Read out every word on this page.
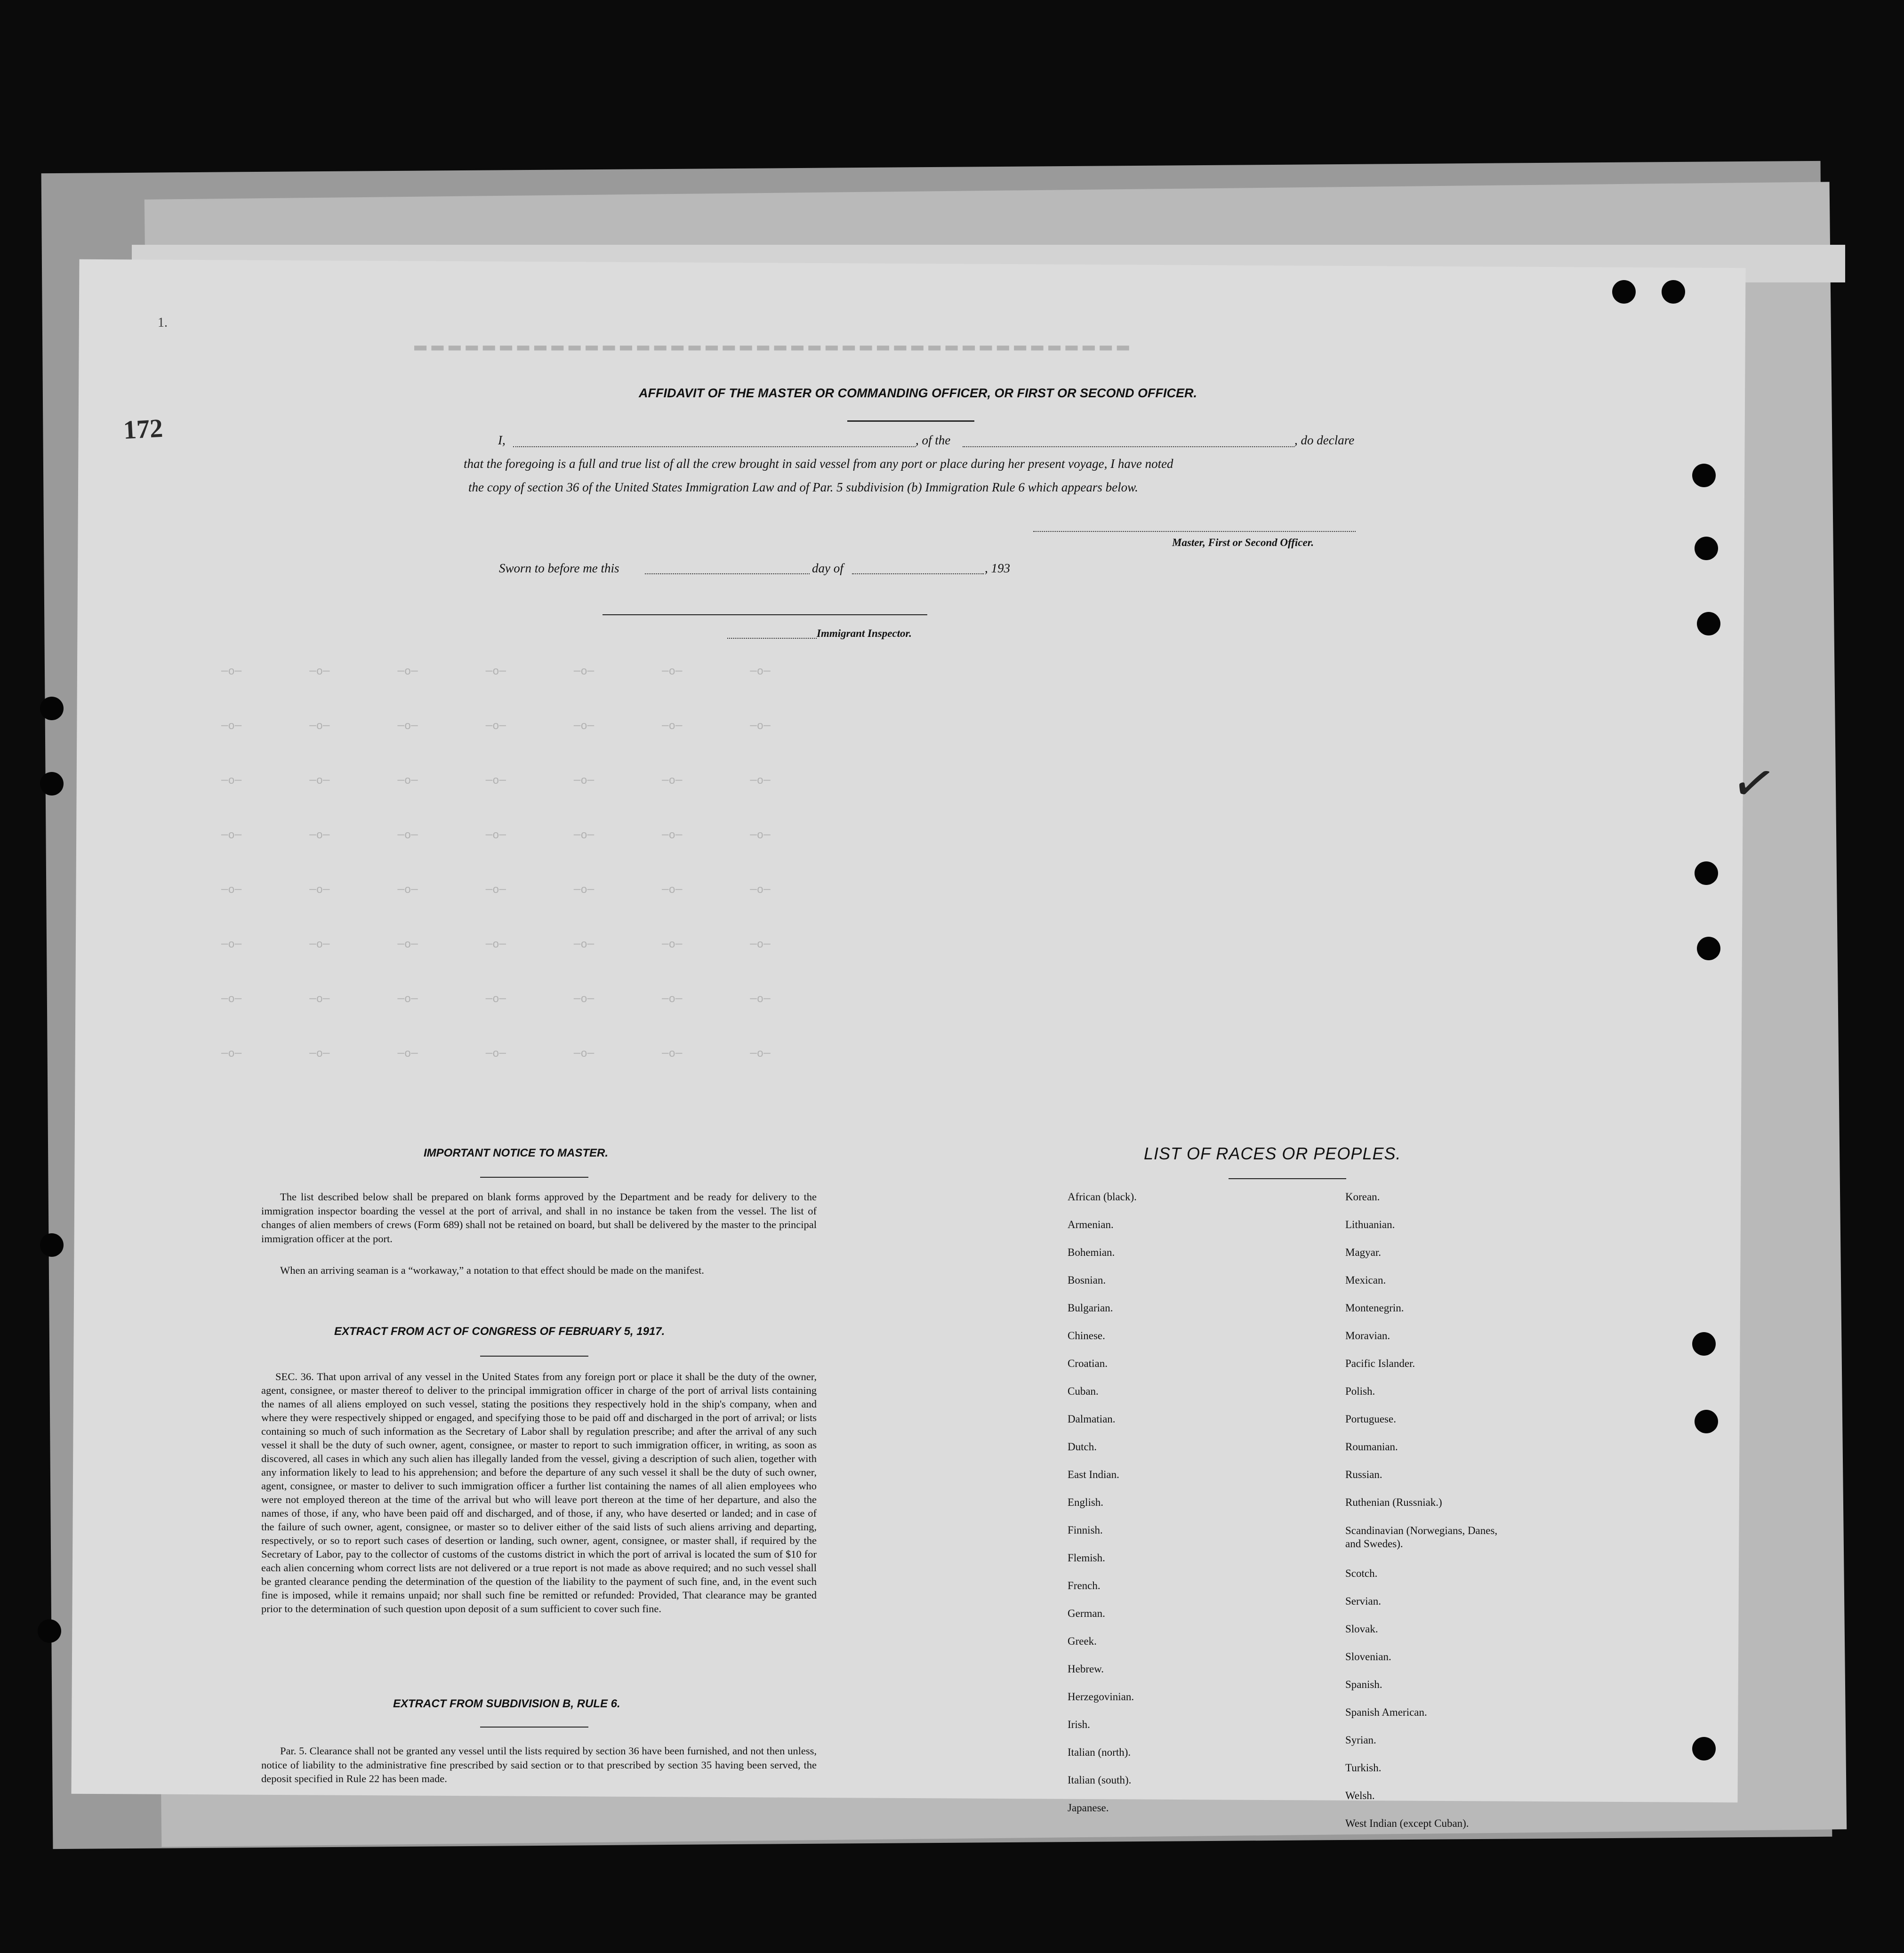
▬▬▬▬▬▬▬▬▬▬▬▬▬▬▬▬▬▬▬▬▬▬▬▬▬▬▬▬▬▬▬▬▬▬▬▬▬▬▬▬▬▬
─o─          ─o─          ─o─          ─o─          ─o─          ─o─          ─o─
─o─          ─o─          ─o─          ─o─          ─o─          ─o─          ─o─
─o─          ─o─          ─o─          ─o─          ─o─          ─o─          ─o─
─o─          ─o─          ─o─          ─o─          ─o─          ─o─          ─o─
─o─          ─o─          ─o─          ─o─          ─o─          ─o─          ─o─
─o─          ─o─          ─o─          ─o─          ─o─          ─o─          ─o─
─o─          ─o─          ─o─          ─o─          ─o─          ─o─          ─o─
─o─          ─o─          ─o─          ─o─          ─o─          ─o─          ─o─
172
1.
✓
AFFIDAVIT OF THE MASTER OR COMMANDING OFFICER, OR FIRST OR SECOND OFFICER.
I,	, of the	, do declare
that the foregoing is a full and true list of all the crew brought in said vessel from any port or place during her present voyage, I have noted
the copy of section 36 of the United States Immigration Law and of Par. 5 subdivision (b) Immigration Rule 6 which appears below.
Master, First or Second Officer.
Sworn to before me this	day of	, 193
Immigrant Inspector.
IMPORTANT NOTICE TO MASTER.
The list described below shall be prepared on blank forms approved by the Department and be ready for delivery to the immigration inspector boarding the vessel at the port of arrival, and shall in no instance be taken from the vessel. The list of changes of alien members of crews (Form 689) shall not be retained on board, but shall be delivered by the master to the principal immigration officer at the port.
When an arriving seaman is a “workaway,” a notation to that effect should be made on the manifest.
EXTRACT FROM ACT OF CONGRESS OF FEBRUARY 5, 1917.
SEC. 36. That upon arrival of any vessel in the United States from any foreign port or place it shall be the duty of the owner, agent, consignee, or master thereof to deliver to the principal immigration officer in charge of the port of arrival lists containing the names of all aliens employed on such vessel, stating the positions they respectively hold in the ship's company, when and where they were respectively shipped or engaged, and specifying those to be paid off and discharged in the port of arrival; or lists containing so much of such information as the Secretary of Labor shall by regulation prescribe; and after the arrival of any such vessel it shall be the duty of such owner, agent, consignee, or master to report to such immigration officer, in writing, as soon as discovered, all cases in which any such alien has illegally landed from the vessel, giving a description of such alien, together with any information likely to lead to his apprehension; and before the departure of any such vessel it shall be the duty of such owner, agent, consignee, or master to deliver to such immigration officer a further list containing the names of all alien employees who were not employed thereon at the time of the arrival but who will leave port thereon at the time of her departure, and also the names of those, if any, who have been paid off and discharged, and of those, if any, who have deserted or landed; and in case of the failure of such owner, agent, consignee, or master so to deliver either of the said lists of such aliens arriving and departing, respectively, or so to report such cases of desertion or landing, such owner, agent, consignee, or master shall, if required by the Secretary of Labor, pay to the collector of customs of the customs district in which the port of arrival is located the sum of $10 for each alien concerning whom correct lists are not delivered or a true report is not made as above required; and no such vessel shall be granted clearance pending the determination of the question of the liability to the payment of such fine, and, in the event such fine is imposed, while it remains unpaid; nor shall such fine be remitted or refunded: Provided, That clearance may be granted prior to the determination of such question upon deposit of a sum sufficient to cover such fine.
EXTRACT FROM SUBDIVISION B, RULE 6.
Par. 5. Clearance shall not be granted any vessel until the lists required by section 36 have been furnished, and not then unless, notice of liability to the administrative fine prescribed by said section or to that prescribed by section 35 having been served, the deposit specified in Rule 22 has been made.
LIST OF RACES OR PEOPLES.
African (black).
Armenian.
Bohemian.
Bosnian.
Bulgarian.
Chinese.
Croatian.
Cuban.
Dalmatian.
Dutch.
East Indian.
English.
Finnish.
Flemish.
French.
German.
Greek.
Hebrew.
Herzegovinian.
Irish.
Italian (north).
Italian (south).
Japanese.
Korean.
Lithuanian.
Magyar.
Mexican.
Montenegrin.
Moravian.
Pacific Islander.
Polish.
Portuguese.
Roumanian.
Russian.
Ruthenian (Russniak.)
Scandinavian (Norwegians, Danes, and Swedes).
Scotch.
Servian.
Slovak.
Slovenian.
Spanish.
Spanish American.
Syrian.
Turkish.
Welsh.
West Indian (except Cuban).
